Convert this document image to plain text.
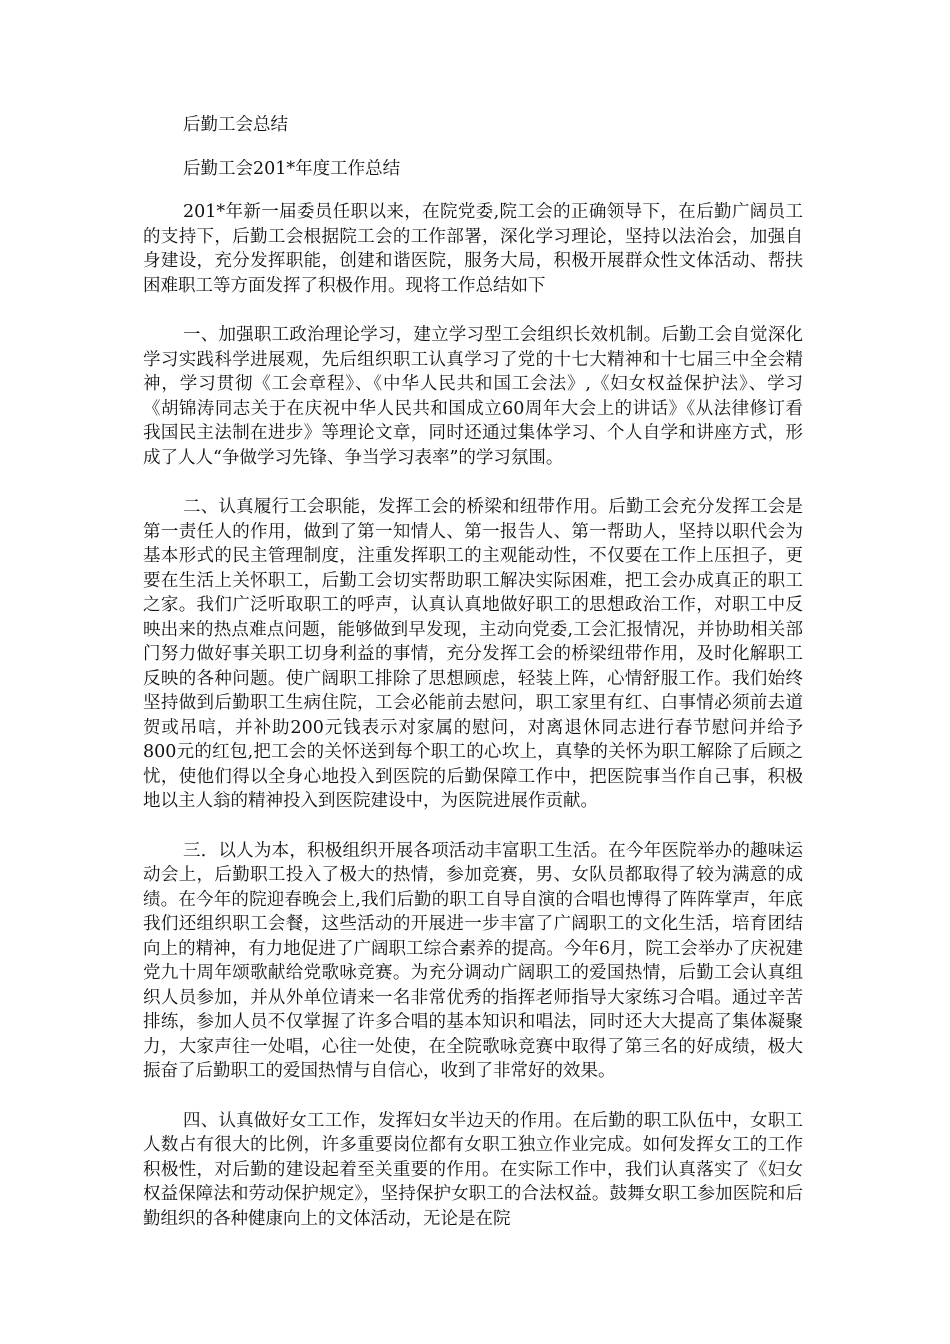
后勤工会总结

后勤工会201*年度工作总结

201*年新一届委员任职以来，在院党委,院工会的正确领导下，在后勤广阔员工的支持下，后勤工会根据院工会的工作部署，深化学习理论，坚持以法治会，加强自身建设，充分发挥职能，创建和谐医院，服务大局，积极开展群众性文体活动、帮扶困难职工等方面发挥了积极作用。现将工作总结如下

一、加强职工政治理论学习，建立学习型工会组织长效机制。后勤工会自觉深化学习实践科学进展观，先后组织职工认真学习了党的十七大精神和十七届三中全会精神，学习贯彻《工会章程》、《中华人民共和国工会法》,《妇女权益保护法》、学习《胡锦涛同志关于在庆祝中华人民共和国成立60周年大会上的讲话》《从法律修订看我国民主法制在进步》等理论文章，同时还通过集体学习、个人自学和讲座方式，形成了人人“争做学习先锋、争当学习表率”的学习氛围。

二、认真履行工会职能，发挥工会的桥梁和纽带作用。后勤工会充分发挥工会是第一责任人的作用，做到了第一知情人、第一报告人、第一帮助人，坚持以职代会为基本形式的民主管理制度，注重发挥职工的主观能动性，不仅要在工作上压担子，更要在生活上关怀职工，后勤工会切实帮助职工解决实际困难，把工会办成真正的职工之家。我们广泛听取职工的呼声，认真认真地做好职工的思想政治工作，对职工中反映出来的热点难点问题，能够做到早发现，主动向党委,工会汇报情况，并协助相关部门努力做好事关职工切身利益的事情，充分发挥工会的桥梁纽带作用，及时化解职工反映的各种问题。使广阔职工排除了思想顾虑，轻装上阵，心情舒服工作。我们始终坚持做到后勤职工生病住院，工会必能前去慰问，职工家里有红、白事情必须前去道贺或吊唁，并补助200元钱表示对家属的慰问，对离退休同志进行春节慰问并给予800元的红包,把工会的关怀送到每个职工的心坎上，真挚的关怀为职工解除了后顾之忧，使他们得以全身心地投入到医院的后勤保障工作中，把医院事当作自己事，积极地以主人翁的精神投入到医院建设中，为医院进展作贡献。

三．以人为本，积极组织开展各项活动丰富职工生活。在今年医院举办的趣味运动会上，后勤职工投入了极大的热情，参加竞赛，男、女队员都取得了较为满意的成绩。在今年的院迎春晚会上,我们后勤的职工自导自演的合唱也博得了阵阵掌声，年底我们还组织职工会餐，这些活动的开展进一步丰富了广阔职工的文化生活，培育团结向上的精神，有力地促进了广阔职工综合素养的提高。今年6月，院工会举办了庆祝建党九十周年颂歌献给党歌咏竞赛。为充分调动广阔职工的爱国热情，后勤工会认真组织人员参加，并从外单位请来一名非常优秀的指挥老师指导大家练习合唱。通过辛苦排练，参加人员不仅掌握了许多合唱的基本知识和唱法，同时还大大提高了集体凝聚力，大家声往一处唱，心往一处使，在全院歌咏竞赛中取得了第三名的好成绩，极大振奋了后勤职工的爱国热情与自信心，收到了非常好的效果。

四、认真做好女工工作，发挥妇女半边天的作用。在后勤的职工队伍中，女职工人数占有很大的比例，许多重要岗位都有女职工独立作业完成。如何发挥女工的工作积极性，对后勤的建设起着至关重要的作用。在实际工作中，我们认真落实了《妇女权益保障法和劳动保护规定》，坚持保护女职工的合法权益。鼓舞女职工参加医院和后勤组织的各种健康向上的文体活动，无论是在院
